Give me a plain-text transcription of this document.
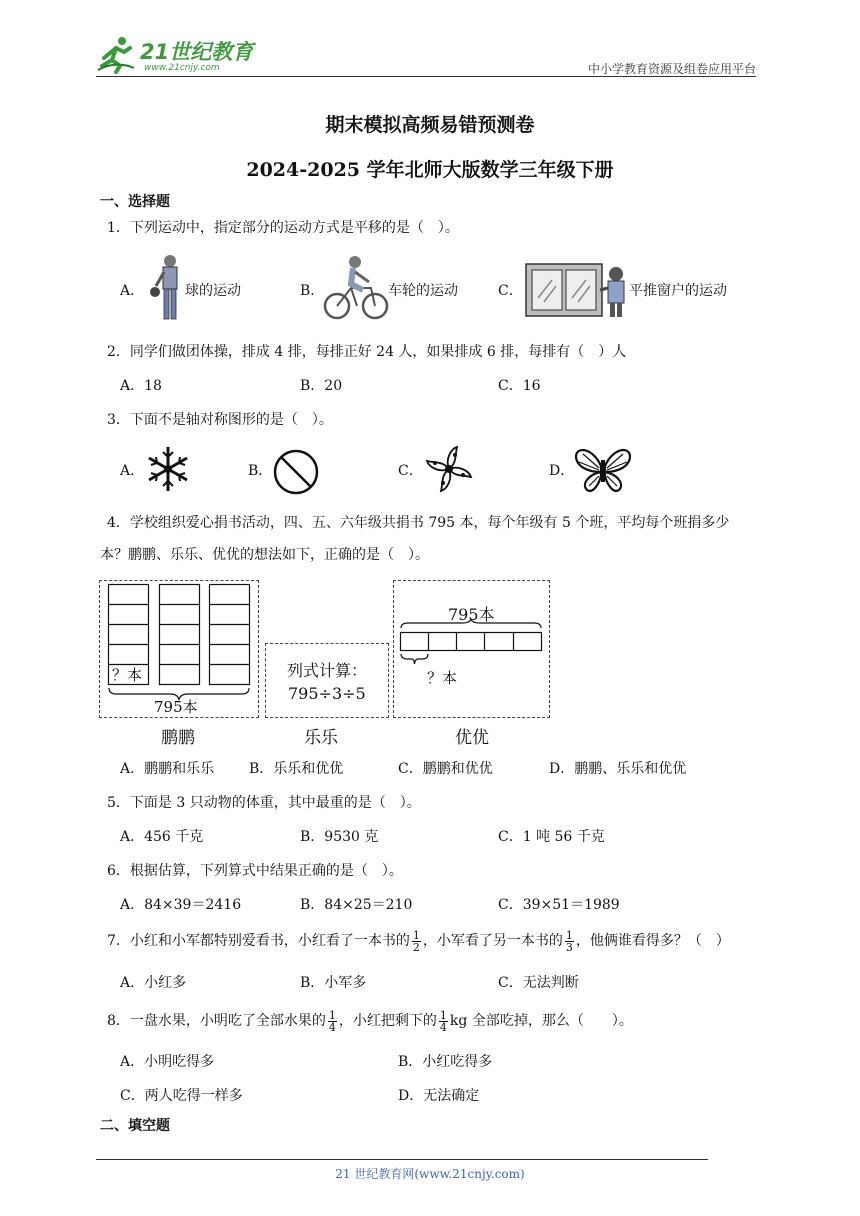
21世纪教育
www.21cnjy.com	中小学教育资源及组卷应用平台
期末模拟高频易错预测卷
2024-2025 学年北师大版数学三年级下册
一、选择题
1．下列运动中，指定部分的运动方式是平移的是（　）。
A．	球的运动	B．	车轮的运动	C．	平推窗户的运动
2．同学们做团体操，排成 4 排，每排正好 24 人，如果排成 6 排，每排有（　）人
A．18	B．20	C．16
3．下面不是轴对称图形的是（　）。
A．	B．	C．	D．
4．学校组织爱心捐书活动，四、五、六年级共捐书 795 本，每个年级有 5 个班，平均每个班捐多少
本？鹏鹏、乐乐、优优的想法如下，正确的是（　）。
？本
795本
列式计算：
795÷3÷5
795本
？本
鹏鹏	乐乐	优优
A．鹏鹏和乐乐 B．乐乐和优优	C．鹏鹏和优优	D．鹏鹏、乐乐和优优
5．下面是 3 只动物的体重，其中最重的是（　）。
A．456 千克	B．9530 克	C．1 吨 56 千克
6．根据估算，下列算式中结果正确的是（　）。
A．84×39＝2416	B．84×25＝210	C．39×51＝1989
7．小红和小军都特别爱看书，小红看了一本书的 $\frac{1}{2}$ ，小军看了另一本书的 $\frac{1}{3}$ ，他俩谁看得多？（　）
A．小红多	B．小军多	C．无法判断
8．一盘水果，小明吃了全部水果的 $\frac{1}{4}$ ，小红把剩下的 $\frac{1}{4}$ kg 全部吃掉，那么（　　）。
A．小明吃得多	B．小红吃得多
C．两人吃得一样多	D．无法确定
二、填空题
21 世纪教育网(www.21cnjy.com)
